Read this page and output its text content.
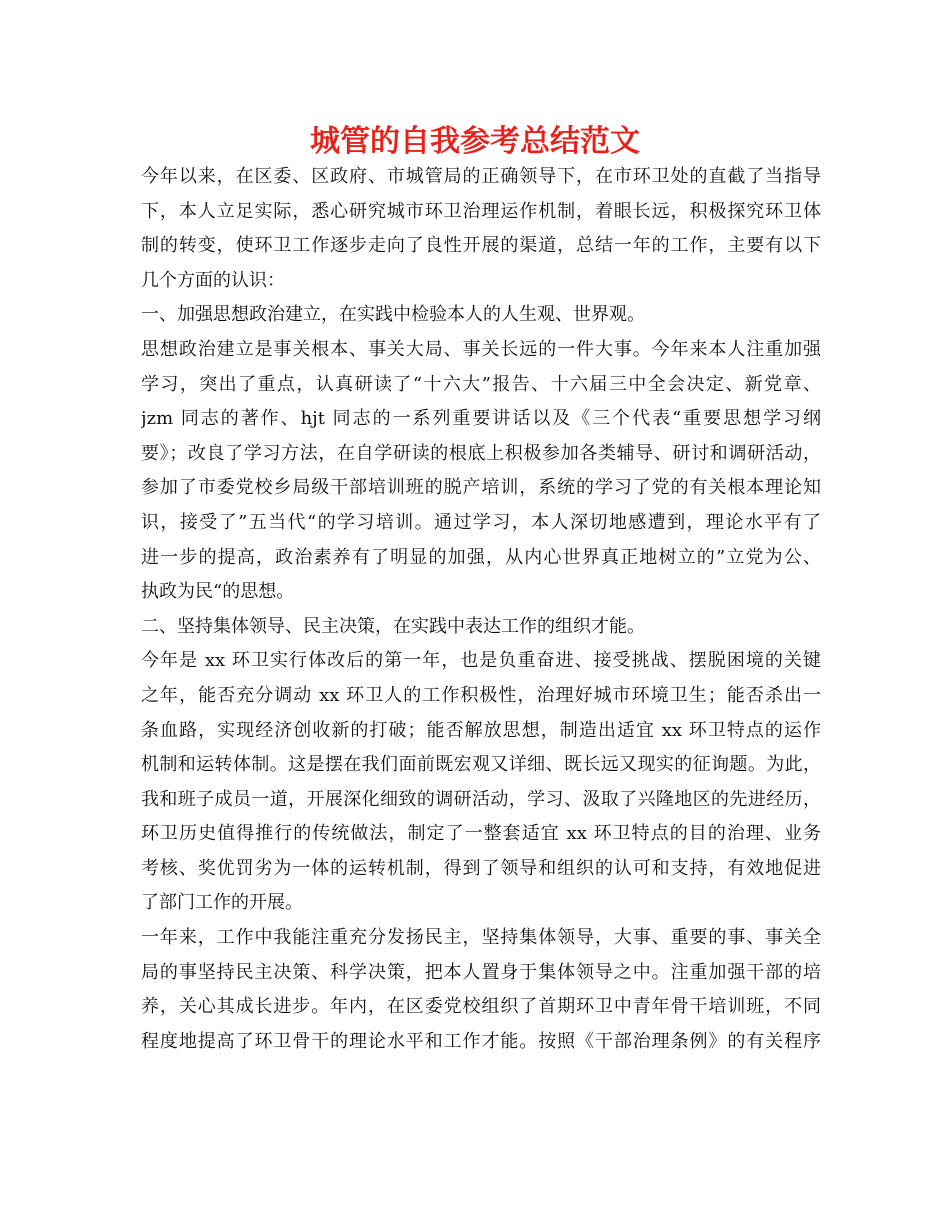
城管的自我参考总结范文
今年以来，在区委、区政府、市城管局的正确领导下，在市环卫处的直截了当指导
下，本人立足实际，悉心研究城市环卫治理运作机制，着眼长远，积极探究环卫体
制的转变，使环卫工作逐步走向了良性开展的渠道，总结一年的工作，主要有以下
几个方面的认识：
一、加强思想政治建立，在实践中检验本人的人生观、世界观。
思想政治建立是事关根本、事关大局、事关长远的一件大事。今年来本人注重加强
学习，突出了重点，认真研读了“十六大”报告、十六届三中全会决定、新党章、
jzm 同志的著作、hjt 同志的一系列重要讲话以及《三个代表“重要思想学习纲
要》；改良了学习方法，在自学研读的根底上积极参加各类辅导、研讨和调研活动，
参加了市委党校乡局级干部培训班的脱产培训，系统的学习了党的有关根本理论知
识，接受了”五当代“的学习培训。通过学习，本人深切地感遭到，理论水平有了
进一步的提高，政治素养有了明显的加强，从内心世界真正地树立的”立党为公、
执政为民“的思想。
二、坚持集体领导、民主决策，在实践中表达工作的组织才能。
今年是 xx 环卫实行体改后的第一年，也是负重奋进、接受挑战、摆脱困境的关键
之年，能否充分调动 xx 环卫人的工作积极性，治理好城市环境卫生；能否杀出一
条血路，实现经济创收新的打破；能否解放思想，制造出适宜 xx 环卫特点的运作
机制和运转体制。这是摆在我们面前既宏观又详细、既长远又现实的征询题。为此，
我和班子成员一道，开展深化细致的调研活动，学习、汲取了兴隆地区的先进经历，
环卫历史值得推行的传统做法，制定了一整套适宜 xx 环卫特点的目的治理、业务
考核、奖优罚劣为一体的运转机制，得到了领导和组织的认可和支持，有效地促进
了部门工作的开展。
一年来，工作中我能注重充分发扬民主，坚持集体领导，大事、重要的事、事关全
局的事坚持民主决策、科学决策，把本人置身于集体领导之中。注重加强干部的培
养，关心其成长进步。年内，在区委党校组织了首期环卫中青年骨干培训班，不同
程度地提高了环卫骨干的理论水平和工作才能。按照《干部治理条例》的有关程序
